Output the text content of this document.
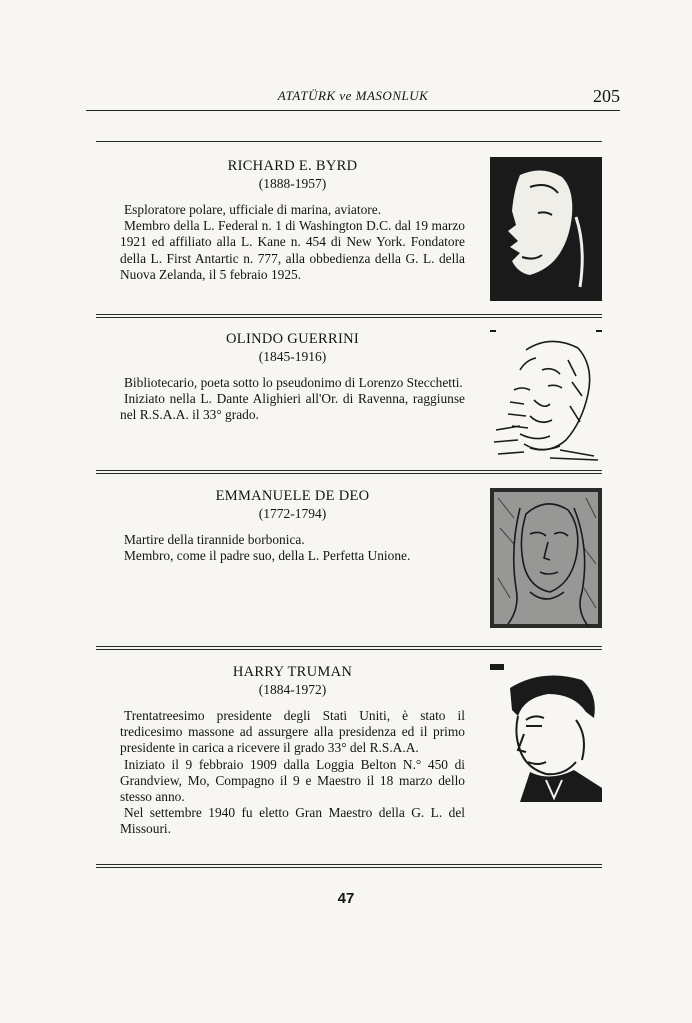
ATATÜRK ve MASONLUK	205
RICHARD E. BYRD
(1888-1957)

Esploratore polare, ufficiale di marina, aviatore.

Membro della L. Federal n. 1 di Washington D.C. dal 19 marzo 1921 ed affiliato alla L. Kane n. 454 di New York. Fondatore della L. First Antartic n. 777, alla obbedienza della G. L. della Nuova Zelanda, il 5 febraio 1925.

OLINDO GUERRINI
(1845-1916)

Bibliotecario, poeta sotto lo pseudonimo di Lorenzo Stecchetti.

Iniziato nella L. Dante Alighieri all'Or. di Ravenna, raggiunse nel R.S.A.A. il 33° grado.

EMMANUELE DE DEO
(1772-1794)

Martire della tirannide borbonica.

Membro, come il padre suo, della L. Perfetta Unione.

HARRY TRUMAN
(1884-1972)

Trentatreesimo presidente degli Stati Uniti, è stato il tredicesimo massone ad assurgere alla presidenza ed il primo presidente in carica a ricevere il grado 33° del R.S.A.A.

Iniziato il 9 febbraio 1909 dalla Loggia Belton N.° 450 di Grandview, Mo, Compagno il 9 e Maestro il 18 marzo dello stesso anno.

Nel settembre 1940 fu eletto Gran Maestro della G. L. del Missouri.

47
